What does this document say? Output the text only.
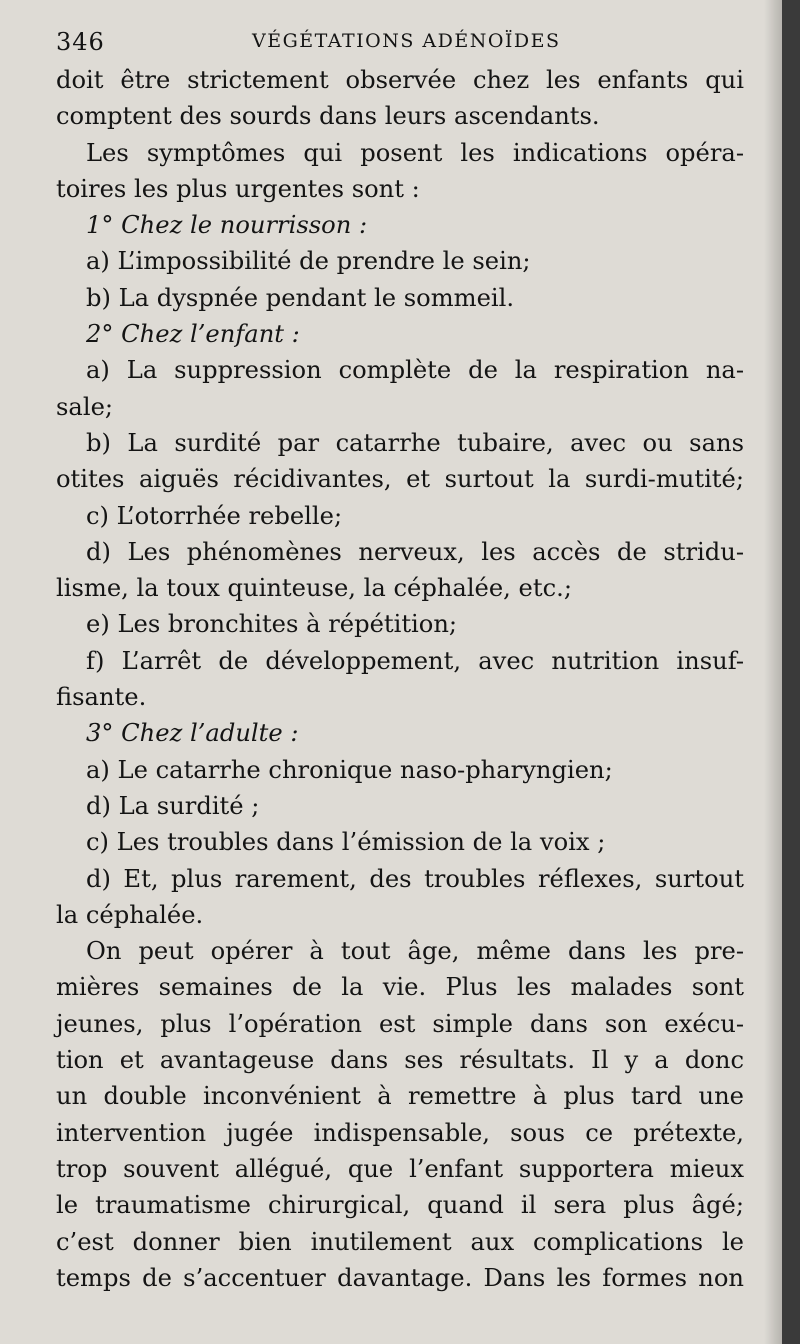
346	VÉGÉTATIONS ADÉNOÏDES
doit être strictement observée chez les enfants qui
comptent des sourds dans leurs ascendants.
Les symptômes qui posent les indications opéra-
toires les plus urgentes sont :
1° Chez le nourrisson :
a) L’impossibilité de prendre le sein;
b) La dyspnée pendant le sommeil.
2° Chez l’enfant :
a) La suppression complète de la respiration na-
sale;
b) La surdité par catarrhe tubaire, avec ou sans
otites aiguës récidivantes, et surtout la surdi-mutité;
c) L’otorrhée rebelle;
d) Les phénomènes nerveux, les accès de stridu-
lisme, la toux quinteuse, la céphalée, etc.;
e) Les bronchites à répétition;
f) L’arrêt de développement, avec nutrition insuf-
fisante.
3° Chez l’adulte :
a) Le catarrhe chronique naso-pharyngien;
d) La surdité ;
c) Les troubles dans l’émission de la voix ;
d) Et, plus rarement, des troubles réflexes, surtout
la céphalée.
On peut opérer à tout âge, même dans les pre-
mières semaines de la vie. Plus les malades sont
jeunes, plus l’opération est simple dans son exécu-
tion et avantageuse dans ses résultats. Il y a donc
un double inconvénient à remettre à plus tard une
intervention jugée indispensable, sous ce prétexte,
trop souvent allégué, que l’enfant supportera mieux
le traumatisme chirurgical, quand il sera plus âgé;
c’est donner bien inutilement aux complications le
temps de s’accentuer davantage. Dans les formes non
